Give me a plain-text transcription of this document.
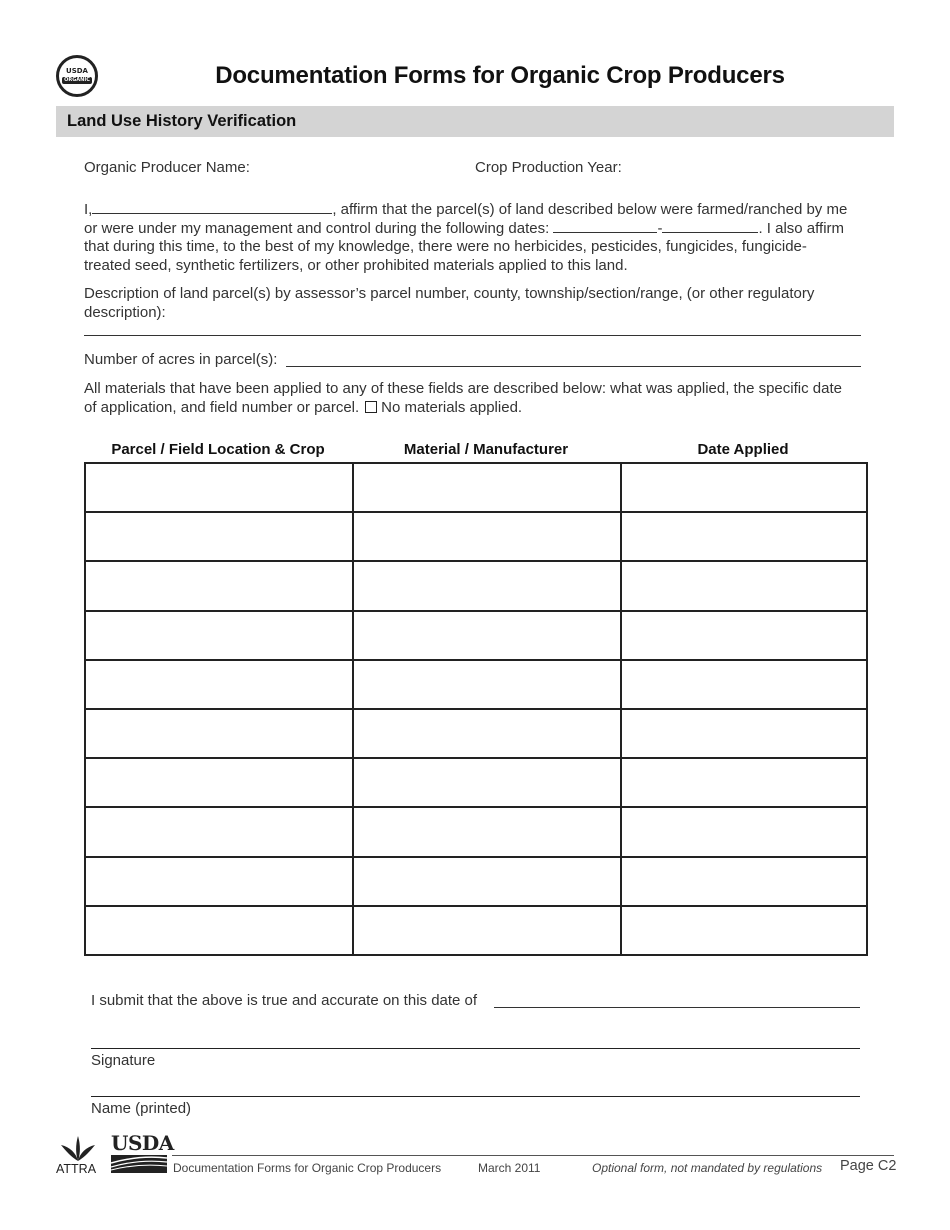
USDA
ORGANIC	Documentation Forms for Organic Crop Producers
Land Use History Verification
Organic Producer Name:	Crop Production Year:
I,	, affirm that the parcel(s) of land described below were farmed/ranched by me
or were under my management and control during the following dates:	-	. I also affirm
that during this time, to the best of my knowledge, there were no herbicides, pesticides, fungicides, fungicide-
treated seed, synthetic fertilizers, or other prohibited materials applied to this land.
Description of land parcel(s) by assessor’s parcel number, county, township/section/range, (or other regulatory
description):
Number of acres in parcel(s):
All materials that have been applied to any of these fields are described below: what was applied, the specific date
of application, and field number or parcel. No materials applied.
Parcel / Field Location & Crop	Material / Manufacturer	Date Applied

I submit that the above is true and accurate on this date of
Signature
Name (printed)
ATTRA
USDA
Documentation Forms for Organic Crop Producers	March 2011	Optional form, not mandated by regulations Page C2
